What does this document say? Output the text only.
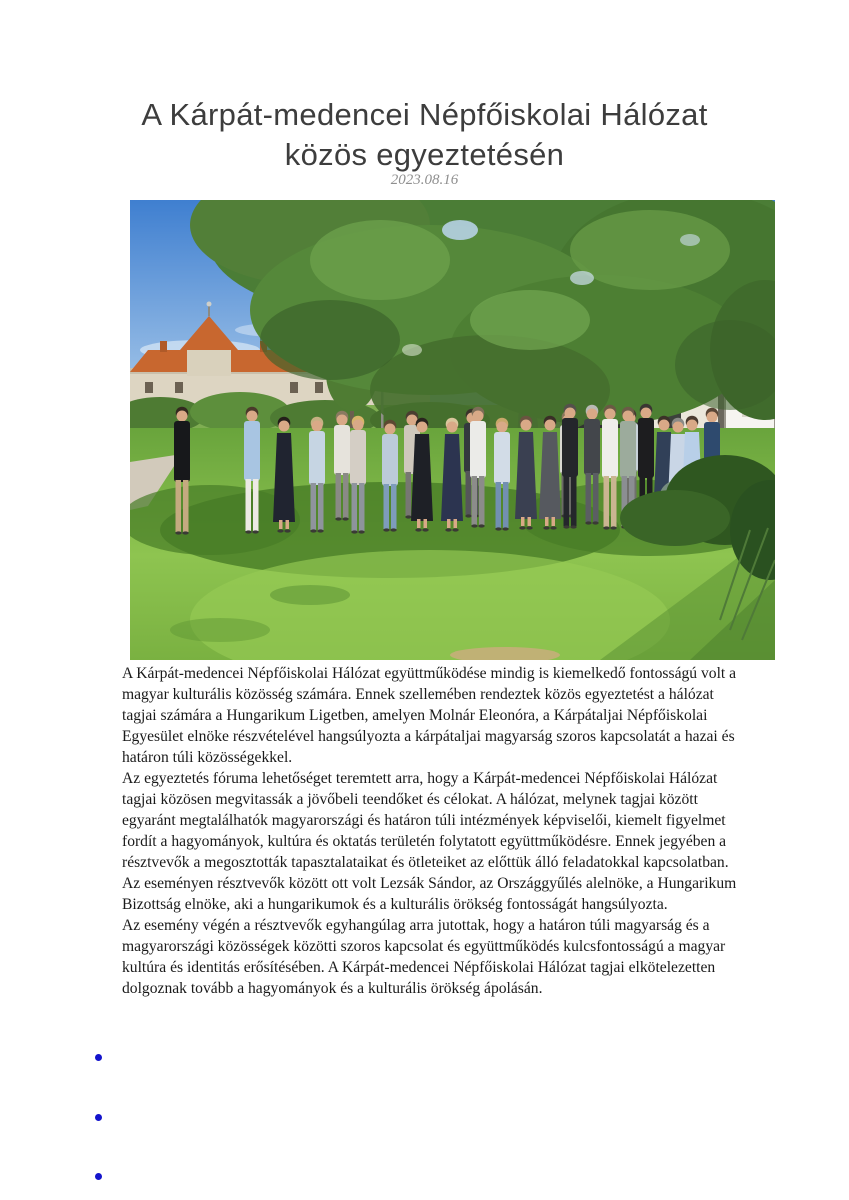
A Kárpát-medencei Népfőiskolai Hálózat
közös egyeztetésén
2023.08.16

A Kárpát-medencei Népfőiskolai Hálózat együttműködése mindig is kiemelkedő fontosságú volt a magyar kulturális közösség számára. Ennek szellemében rendeztek közös egyeztetést a hálózat tagjai számára a Hungarikum Ligetben, amelyen Molnár Eleonóra, a Kárpátaljai Népfőiskolai Egyesület elnöke részvételével hangsúlyozta a kárpátaljai magyarság szoros kapcsolatát a hazai és határon túli közösségekkel.

Az egyeztetés fóruma lehetőséget teremtett arra, hogy a Kárpát-medencei Népfőiskolai Hálózat tagjai közösen megvitassák a jövőbeli teendőket és célokat. A hálózat, melynek tagjai között egyaránt megtalálhatók magyarországi és határon túli intézmények képviselői, kiemelt figyelmet fordít a hagyományok, kultúra és oktatás területén folytatott együttműködésre. Ennek jegyében a résztvevők a megosztották tapasztalataikat és ötleteiket az előttük álló feladatokkal kapcsolatban.

Az eseményen résztvevők között ott volt Lezsák Sándor, az Országgyűlés alelnöke, a Hungarikum Bizottság elnöke, aki a hungarikumok és a kulturális örökség fontosságát hangsúlyozta.

Az esemény végén a résztvevők egyhangúlag arra jutottak, hogy a határon túli magyarság és a magyarországi közösségek közötti szoros kapcsolat és együttműködés kulcsfontosságú a magyar kultúra és identitás erősítésében. A Kárpát-medencei Népfőiskolai Hálózat tagjai elkötelezetten dolgoznak tovább a hagyományok és a kulturális örökség ápolásán.
